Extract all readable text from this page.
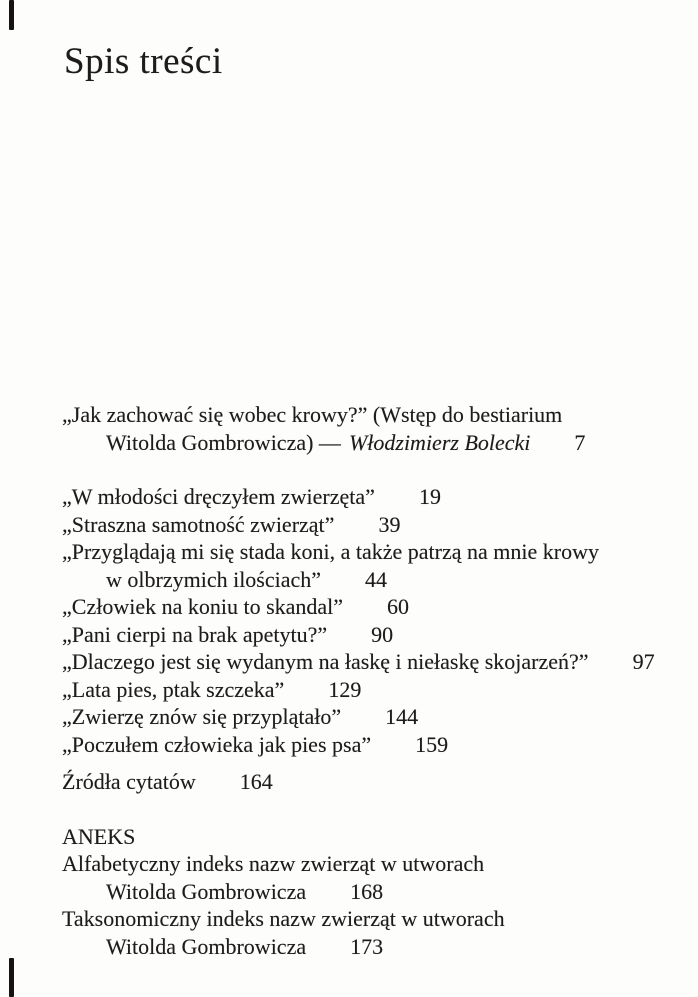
Spis treści
„Jak zachować się wobec krowy?” (Wstęp do bestiarium
Witolda Gombrowicza) — Włodzimierz Bolecki 7
„W młodości dręczyłem zwierzęta” 19
„Straszna samotność zwierząt” 39
„Przyglądają mi się stada koni, a także patrzą na mnie krowy
w olbrzymich ilościach” 44
„Człowiek na koniu to skandal” 60
„Pani cierpi na brak apetytu?” 90
„Dlaczego jest się wydanym na łaskę i niełaskę skojarzeń?” 97
„Lata pies, ptak szczeka” 129
„Zwierzę znów się przyplątało” 144
„Poczułem człowieka jak pies psa” 159
Źródła cytatów 164
ANEKS
Alfabetyczny indeks nazw zwierząt w utworach
Witolda Gombrowicza 168
Taksonomiczny indeks nazw zwierząt w utworach
Witolda Gombrowicza 173
